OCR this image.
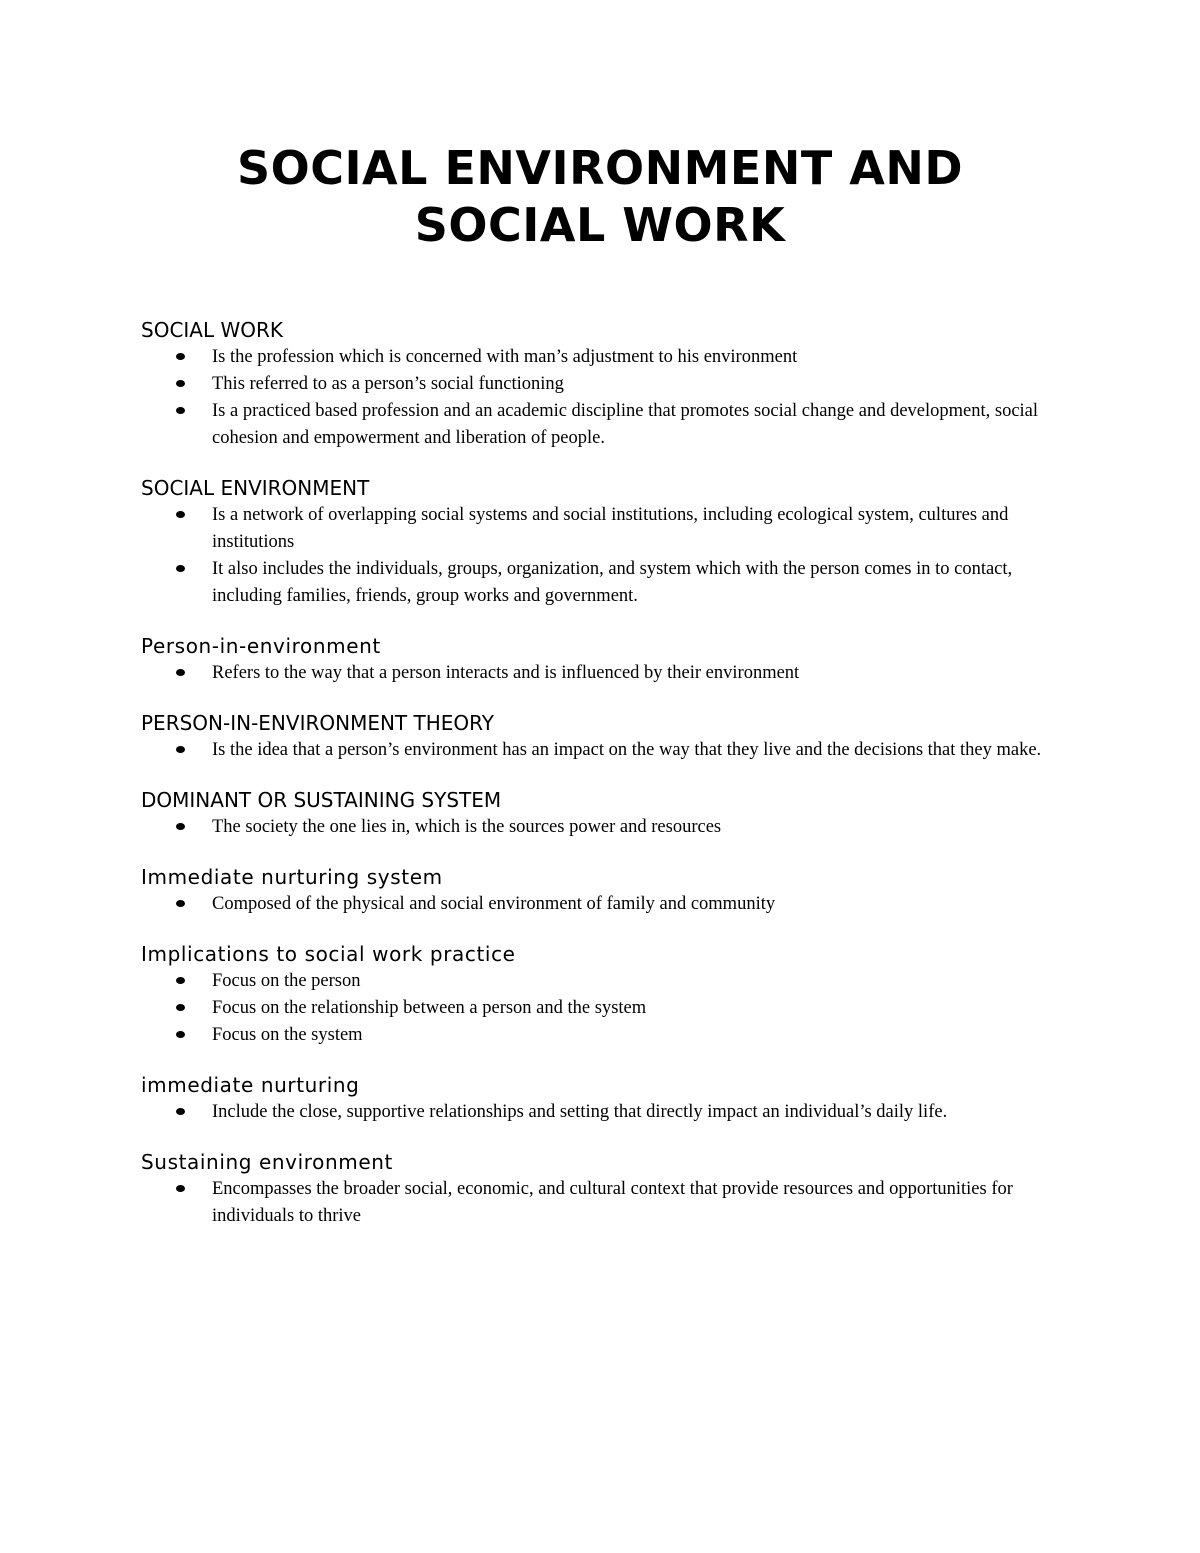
SOCIAL ENVIRONMENT AND
SOCIAL WORK
SOCIAL WORK
Is the profession which is concerned with man’s adjustment to his environment
This referred to as a person’s social functioning
Is a practiced based profession and an academic discipline that promotes social change and development, social cohesion and empowerment and liberation of people.
SOCIAL ENVIRONMENT
Is a network of overlapping social systems and social institutions, including ecological system, cultures and institutions
It also includes the individuals, groups, organization, and system which with the person comes in to contact, including families, friends, group works and government.
Person-in-environment
Refers to the way that a person interacts and is influenced by their environment
PERSON-IN-ENVIRONMENT THEORY
Is the idea that a person’s environment has an impact on the way that they live and the decisions that they make.
DOMINANT OR SUSTAINING SYSTEM
The society the one lies in, which is the sources power and resources
Immediate nurturing system
Composed of the physical and social environment of family and community
Implications to social work practice
Focus on the person
Focus on the relationship between a person and the system
Focus on the system
immediate nurturing
Include the close, supportive relationships and setting that directly impact an individual’s daily life.
Sustaining environment
Encompasses the broader social, economic, and cultural context that provide resources and opportunities for individuals to thrive
